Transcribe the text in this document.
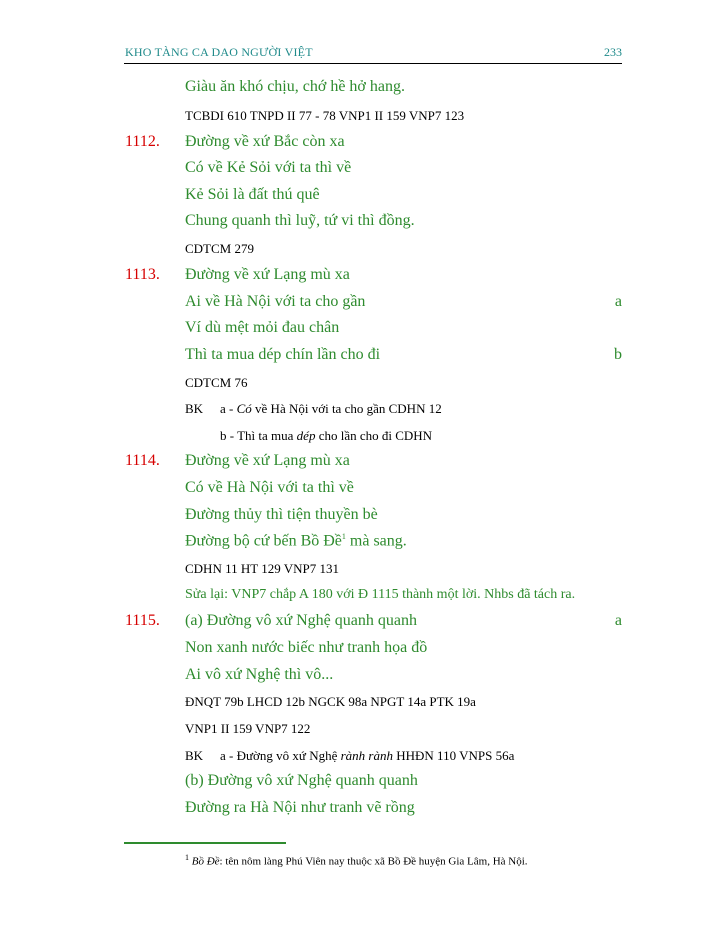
KHO TÀNG CA DAO NGƯỜI VIỆT	233
Giàu ăn khó chịu, chớ hề hở hang.
TCBDI 610 TNPD II 77 - 78 VNP1 II 159 VNP7 123
1112. Đường về xứ Bắc còn xa
Có về Kẻ Sỏi với ta thì về
Kẻ Sỏi là đất thú quê
Chung quanh thì luỹ, tứ vi thì đồng.
CDTCM 279
1113. Đường về xứ Lạng mù xa
Ai về Hà Nội với ta cho gần	a
Ví dù mệt mỏi đau chân
Thì ta mua dép chín lần cho đi	b
CDTCM 76
BK a - Có về Hà Nội với ta cho gần CDHN 12
b - Thì ta mua dép cho lần cho đi CDHN
1114. Đường về xứ Lạng mù xa
Có về Hà Nội với ta thì về
Đường thủy thì tiện thuyền bè
Đường bộ cứ bến Bồ Đề$^1$ mà sang.
CDHN 11 HT 129 VNP7 131
Sửa lại: VNP7 chắp A 180 với Đ 1115 thành một lời. Nhbs đã tách ra.
1115. (a) Đường vô xứ Nghệ quanh quanh	a
Non xanh nước biếc như tranh họa đồ
Ai vô xứ Nghệ thì vô...
ĐNQT 79b LHCD 12b NGCK 98a NPGT 14a PTK 19a
VNP1 II 159 VNP7 122
BK a - Đường vô xứ Nghệ rành rành HHĐN 110 VNPS 56a
(b) Đường vô xứ Nghệ quanh quanh
Đường ra Hà Nội như tranh vẽ rồng
$^1$ Bồ Đề: tên nôm làng Phú Viên nay thuộc xã Bồ Đề huyện Gia Lâm, Hà Nội.
